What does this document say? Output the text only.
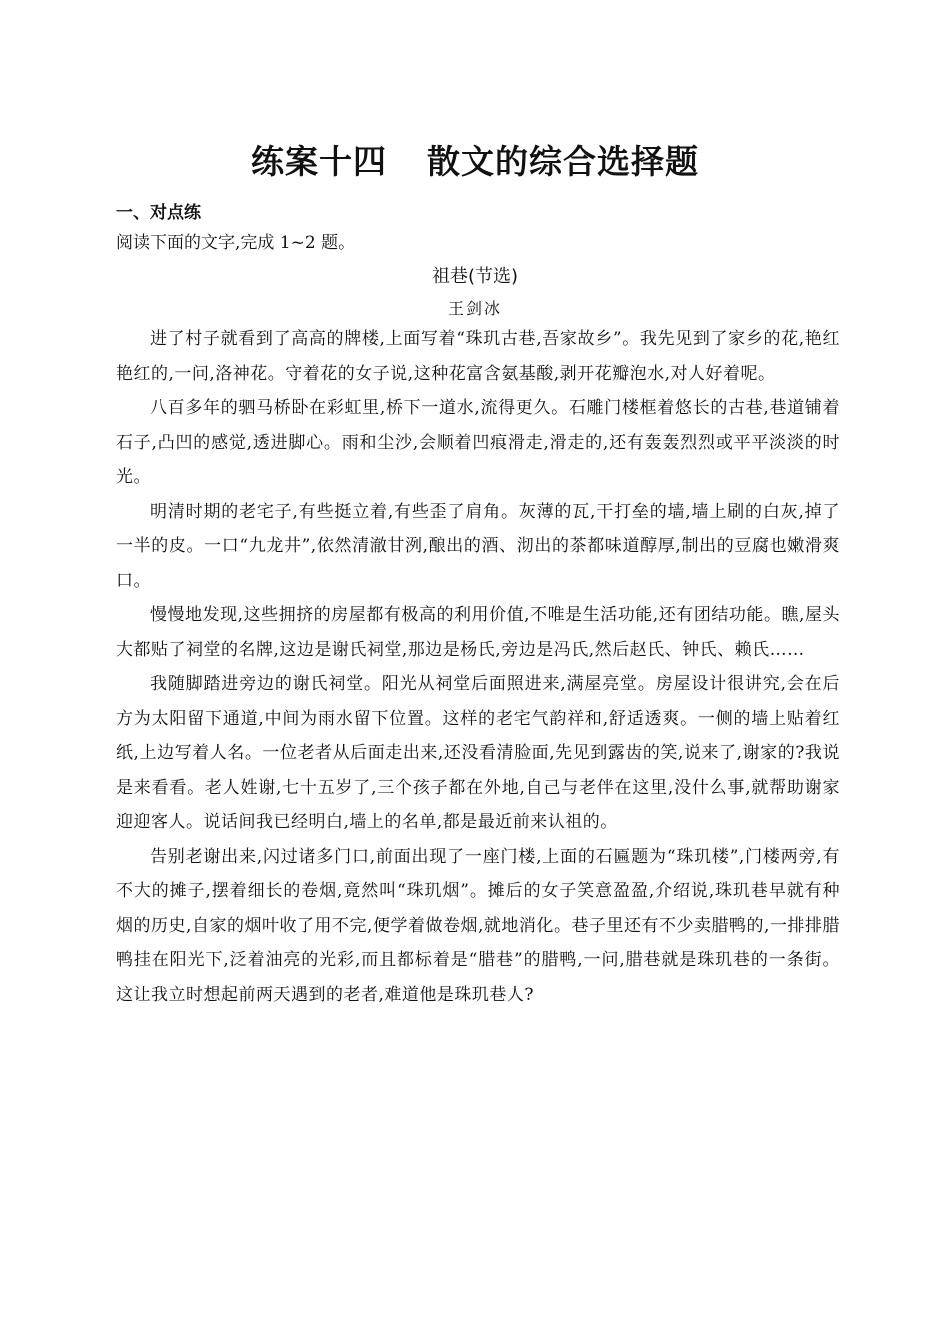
练案十四 散文的综合选择题
一、对点练
阅读下面的文字,完成 1~2 题。
祖巷(节选)
王剑冰

进了村子就看到了高高的牌楼,上面写着“珠玑古巷,吾家故乡”。我先见到了家乡的花,艳红艳红的,一问,洛神花。守着花的女子说,这种花富含氨基酸,剥开花瓣泡水,对人好着呢。

八百多年的驷马桥卧在彩虹里,桥下一道水,流得更久。石雕门楼框着悠长的古巷,巷道铺着石子,凸凹的感觉,透进脚心。雨和尘沙,会顺着凹痕滑走,滑走的,还有轰轰烈烈或平平淡淡的时光。

明清时期的老宅子,有些挺立着,有些歪了肩角。灰薄的瓦,干打垒的墙,墙上刷的白灰,掉了一半的皮。一口“九龙井”,依然清澈甘洌,酿出的酒、沏出的茶都味道醇厚,制出的豆腐也嫩滑爽口。

慢慢地发现,这些拥挤的房屋都有极高的利用价值,不唯是生活功能,还有团结功能。瞧,屋头大都贴了祠堂的名牌,这边是谢氏祠堂,那边是杨氏,旁边是冯氏,然后赵氏、钟氏、赖氏……

我随脚踏进旁边的谢氏祠堂。阳光从祠堂后面照进来,满屋亮堂。房屋设计很讲究,会在后方为太阳留下通道,中间为雨水留下位置。这样的老宅气韵祥和,舒适透爽。一侧的墙上贴着红纸,上边写着人名。一位老者从后面走出来,还没看清脸面,先见到露齿的笑,说来了,谢家的?我说是来看看。老人姓谢,七十五岁了,三个孩子都在外地,自己与老伴在这里,没什么事,就帮助谢家迎迎客人。说话间我已经明白,墙上的名单,都是最近前来认祖的。

告别老谢出来,闪过诸多门口,前面出现了一座门楼,上面的石匾题为“珠玑楼”,门楼两旁,有不大的摊子,摆着细长的卷烟,竟然叫“珠玑烟”。摊后的女子笑意盈盈,介绍说,珠玑巷早就有种烟的历史,自家的烟叶收了用不完,便学着做卷烟,就地消化。巷子里还有不少卖腊鸭的,一排排腊鸭挂在阳光下,泛着油亮的光彩,而且都标着是“腊巷”的腊鸭,一问,腊巷就是珠玑巷的一条街。这让我立时想起前两天遇到的老者,难道他是珠玑巷人?
